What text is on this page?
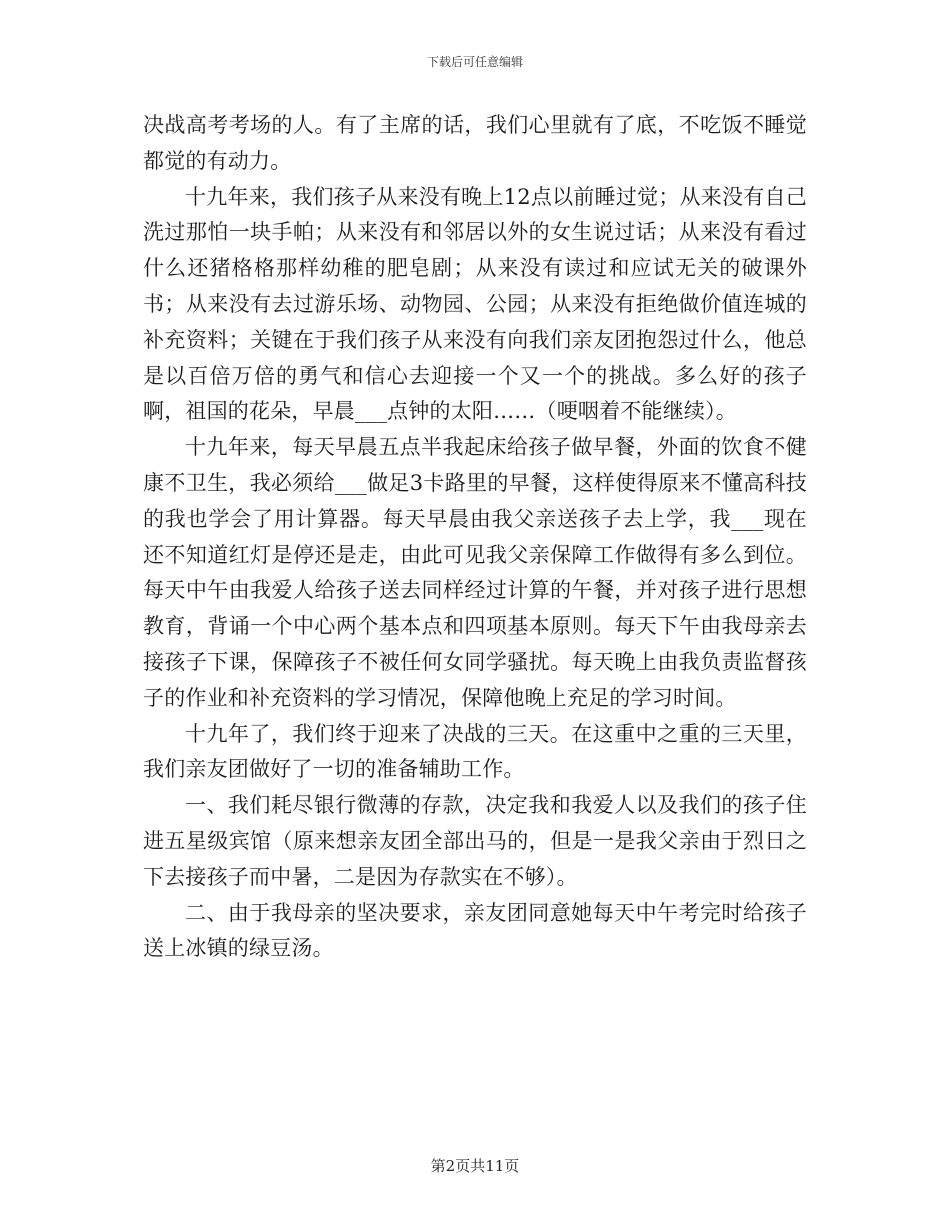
下载后可任意编辑

决战高考考场的人。有了主席的话，我们心里就有了底，不吃饭不睡觉都觉的有动力。

十九年来，我们孩子从来没有晚上12点以前睡过觉；从来没有自己洗过那怕一块手帕；从来没有和邻居以外的女生说过话；从来没有看过什么还猪格格那样幼稚的肥皂剧；从来没有读过和应试无关的破课外书；从来没有去过游乐场、动物园、公园；从来没有拒绝做价值连城的补充资料；关键在于我们孩子从来没有向我们亲友团抱怨过什么，他总是以百倍万倍的勇气和信心去迎接一个又一个的挑战。多么好的孩子啊，祖国的花朵，早晨___点钟的太阳……（哽咽着不能继续）。

十九年来，每天早晨五点半我起床给孩子做早餐，外面的饮食不健康不卫生，我必须给___做足3卡路里的早餐，这样使得原来不懂高科技的我也学会了用计算器。每天早晨由我父亲送孩子去上学，我___现在还不知道红灯是停还是走，由此可见我父亲保障工作做得有多么到位。每天中午由我爱人给孩子送去同样经过计算的午餐，并对孩子进行思想教育，背诵一个中心两个基本点和四项基本原则。每天下午由我母亲去接孩子下课，保障孩子不被任何女同学骚扰。每天晚上由我负责监督孩子的作业和补充资料的学习情况，保障他晚上充足的学习时间。

十九年了，我们终于迎来了决战的三天。在这重中之重的三天里，我们亲友团做好了一切的准备辅助工作。

一、我们耗尽银行微薄的存款，决定我和我爱人以及我们的孩子住进五星级宾馆（原来想亲友团全部出马的，但是一是我父亲由于烈日之下去接孩子而中暑，二是因为存款实在不够）。

二、由于我母亲的坚决要求，亲友团同意她每天中午考完时给孩子送上冰镇的绿豆汤。

第2页共11页
